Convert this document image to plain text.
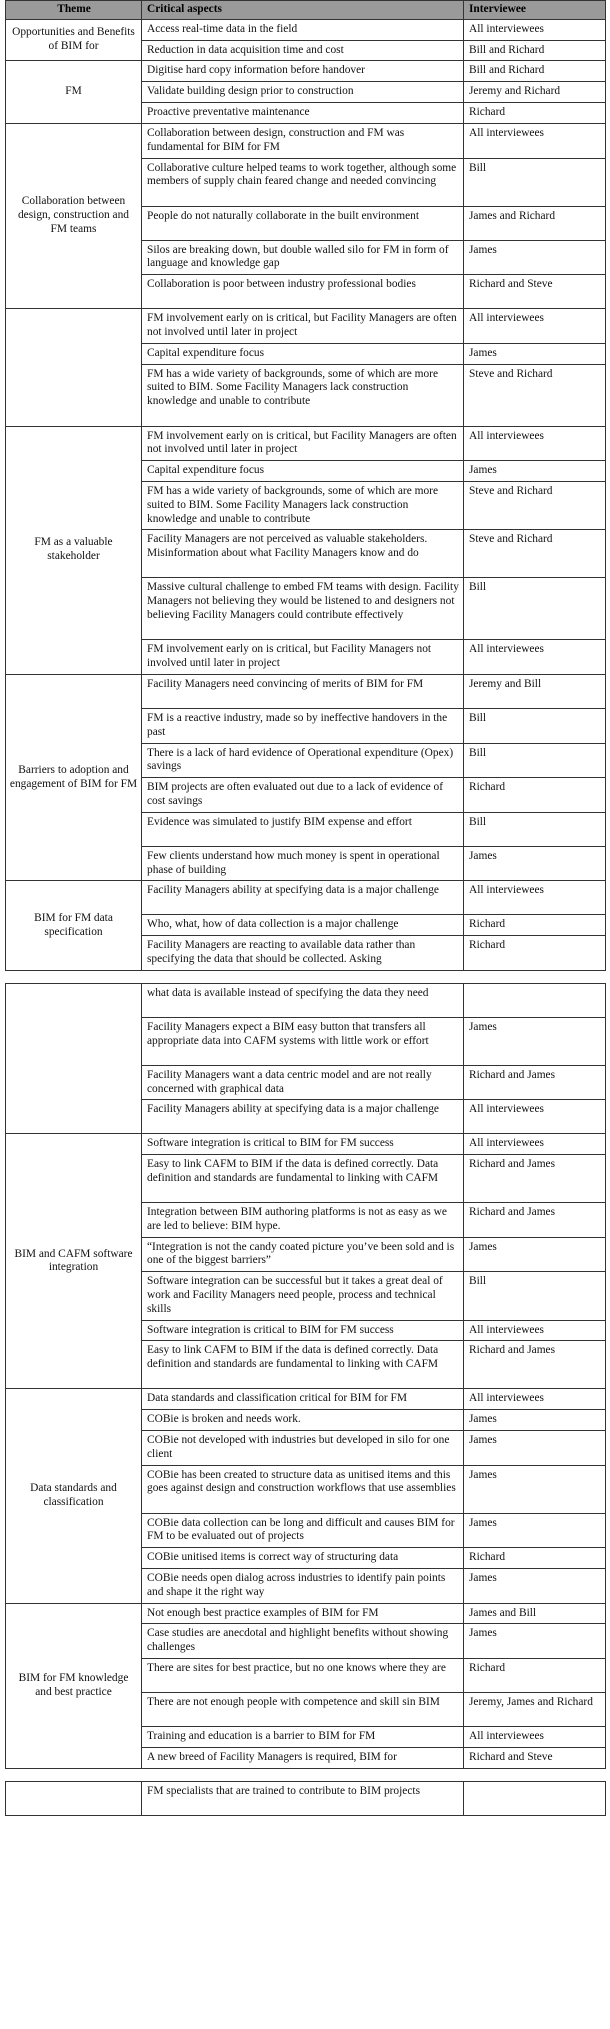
Theme	Critical aspects	Interviewee
Opportunities and Benefits of BIM for	Access real-time data in the field	All interviewees
	Reduction in data acquisition time and cost	Bill and Richard
FM	Digitise hard copy information before handover	Bill and Richard
	Validate building design prior to construction	Jeremy and Richard
	Proactive preventative maintenance	Richard
Collaboration between design, construction and FM teams	Collaboration between design, construction and FM was fundamental for BIM for FM	All interviewees
	Collaborative culture helped teams to work together, although some members of supply chain feared change and needed convincing	Bill
	People do not naturally collaborate in the built environment	James and Richard
	Silos are breaking down, but double walled silo for FM in form of language and knowledge gap	James
	Collaboration is poor between industry professional bodies	Richard and Steve
	FM involvement early on is critical, but Facility Managers are often not involved until later in project	All interviewees
	Capital expenditure focus	James
	FM has a wide variety of backgrounds, some of which are more suited to BIM. Some Facility Managers lack construction knowledge and unable to contribute	Steve and Richard
FM as a valuable stakeholder	FM involvement early on is critical, but Facility Managers are often not involved until later in project	All interviewees
	Capital expenditure focus	James
	FM has a wide variety of backgrounds, some of which are more suited to BIM. Some Facility Managers lack construction knowledge and unable to contribute	Steve and Richard
	Facility Managers are not perceived as valuable stakeholders. Misinformation about what Facility Managers know and do	Steve and Richard
	Massive cultural challenge to embed FM teams with design. Facility Managers not believing they would be listened to and designers not believing Facility Managers could contribute effectively	Bill
	FM involvement early on is critical, but Facility Managers not involved until later in project	All interviewees
Barriers to adoption and engagement of BIM for FM	Facility Managers need convincing of merits of BIM for FM	Jeremy and Bill
	FM is a reactive industry, made so by ineffective handovers in the past	Bill
	There is a lack of hard evidence of Operational expenditure (Opex) savings	Bill
	BIM projects are often evaluated out due to a lack of evidence of cost savings	Richard
	Evidence was simulated to justify BIM expense and effort	Bill
	Few clients understand how much money is spent in operational phase of building	James
BIM for FM data specification	Facility Managers ability at specifying data is a major challenge	All interviewees
	Who, what, how of data collection is a major challenge	Richard
	Facility Managers are reacting to available data rather than specifying the data that should be collected. Asking	Richard
	what data is available instead of specifying the data they need	
	Facility Managers expect a BIM easy button that transfers all appropriate data into CAFM systems with little work or effort	James
	Facility Managers want a data centric model and are not really concerned with graphical data	Richard and James
	Facility Managers ability at specifying data is a major challenge	All interviewees
BIM and CAFM software integration	Software integration is critical to BIM for FM success	All interviewees
	Easy to link CAFM to BIM if the data is defined correctly. Data definition and standards are fundamental to linking with CAFM	Richard and James
	Integration between BIM authoring platforms is not as easy as we are led to believe: BIM hype.	Richard and James
	“Integration is not the candy coated picture you’ve been sold and is one of the biggest barriers”	James
	Software integration can be successful but it takes a great deal of work and Facility Managers need people, process and technical skills	Bill
	Software integration is critical to BIM for FM success	All interviewees
	Easy to link CAFM to BIM if the data is defined correctly. Data definition and standards are fundamental to linking with CAFM	Richard and James
Data standards and classification	Data standards and classification critical for BIM for FM	All interviewees
	COBie is broken and needs work.	James
	COBie not developed with industries but developed in silo for one client	James
	COBie has been created to structure data as unitised items and this goes against design and construction workflows that use assemblies	James
	COBie data collection can be long and difficult and causes BIM for FM to be evaluated out of projects	James
	COBie unitised items is correct way of structuring data	Richard
	COBie needs open dialog across industries to identify pain points and shape it the right way	James
BIM for FM knowledge and best practice	Not enough best practice examples of BIM for FM	James and Bill
	Case studies are anecdotal and highlight benefits without showing challenges	James
	There are sites for best practice, but no one knows where they are	Richard
	There are not enough people with competence and skill sin BIM	Jeremy, James and Richard
	Training and education is a barrier to BIM for FM	All interviewees
	A new breed of Facility Managers is required, BIM for	Richard and Steve
	FM specialists that are trained to contribute to BIM projects	
